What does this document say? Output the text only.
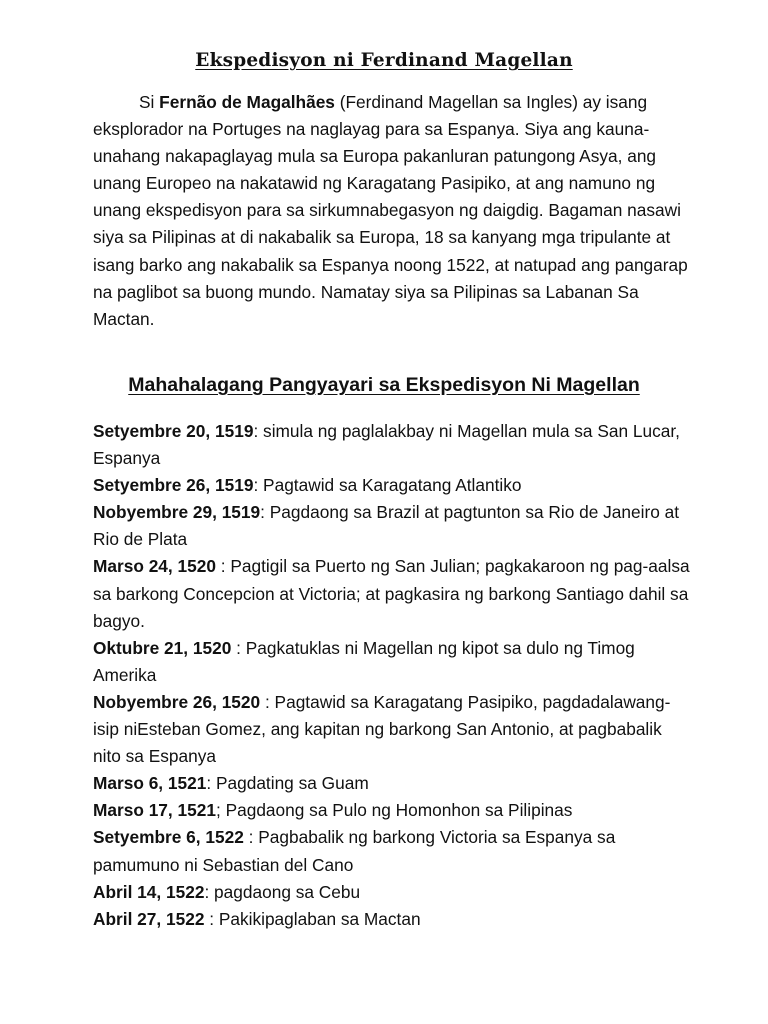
Ekspedisyon ni Ferdinand Magellan

Si Fernão de Magalhães (Ferdinand Magellan sa Ingles) ay isang eksplorador na Portuges na naglayag para sa Espanya. Siya ang kauna-unahang nakapaglayag mula sa Europa pakanluran patungong Asya, ang unang Europeo na nakatawid ng Karagatang Pasipiko, at ang namuno ng unang ekspedisyon para sa sirkumnabegasyon ng daigdig. Bagaman nasawi siya sa Pilipinas at di nakabalik sa Europa, 18 sa kanyang mga tripulante at isang barko ang nakabalik sa Espanya noong 1522, at natupad ang pangarap na paglibot sa buong mundo. Namatay siya sa Pilipinas sa Labanan Sa Mactan.

Mahahalagang Pangyayari sa Ekspedisyon Ni Magellan
Setyembre 20, 1519: simula ng paglalakbay ni Magellan mula sa San Lucar, Espanya
Setyembre 26, 1519: Pagtawid sa Karagatang Atlantiko
Nobyembre 29, 1519: Pagdaong sa Brazil at pagtunton sa Rio de Janeiro at Rio de Plata
Marso 24, 1520 : Pagtigil sa Puerto ng San Julian; pagkakaroon ng pag-aalsa sa barkong Concepcion at Victoria; at pagkasira ng barkong Santiago dahil sa bagyo.
Oktubre 21, 1520 : Pagkatuklas ni Magellan ng kipot sa dulo ng Timog Amerika
Nobyembre 26, 1520 : Pagtawid sa Karagatang Pasipiko, pagdadalawang-isip niEsteban Gomez, ang kapitan ng barkong San Antonio, at pagbabalik nito sa Espanya
Marso 6, 1521: Pagdating sa Guam
Marso 17, 1521; Pagdaong sa Pulo ng Homonhon sa Pilipinas
Setyembre 6, 1522 : Pagbabalik ng barkong Victoria sa Espanya sa pamumuno ni Sebastian del Cano
Abril 14, 1522: pagdaong sa Cebu
Abril 27, 1522 : Pakikipaglaban sa Mactan
